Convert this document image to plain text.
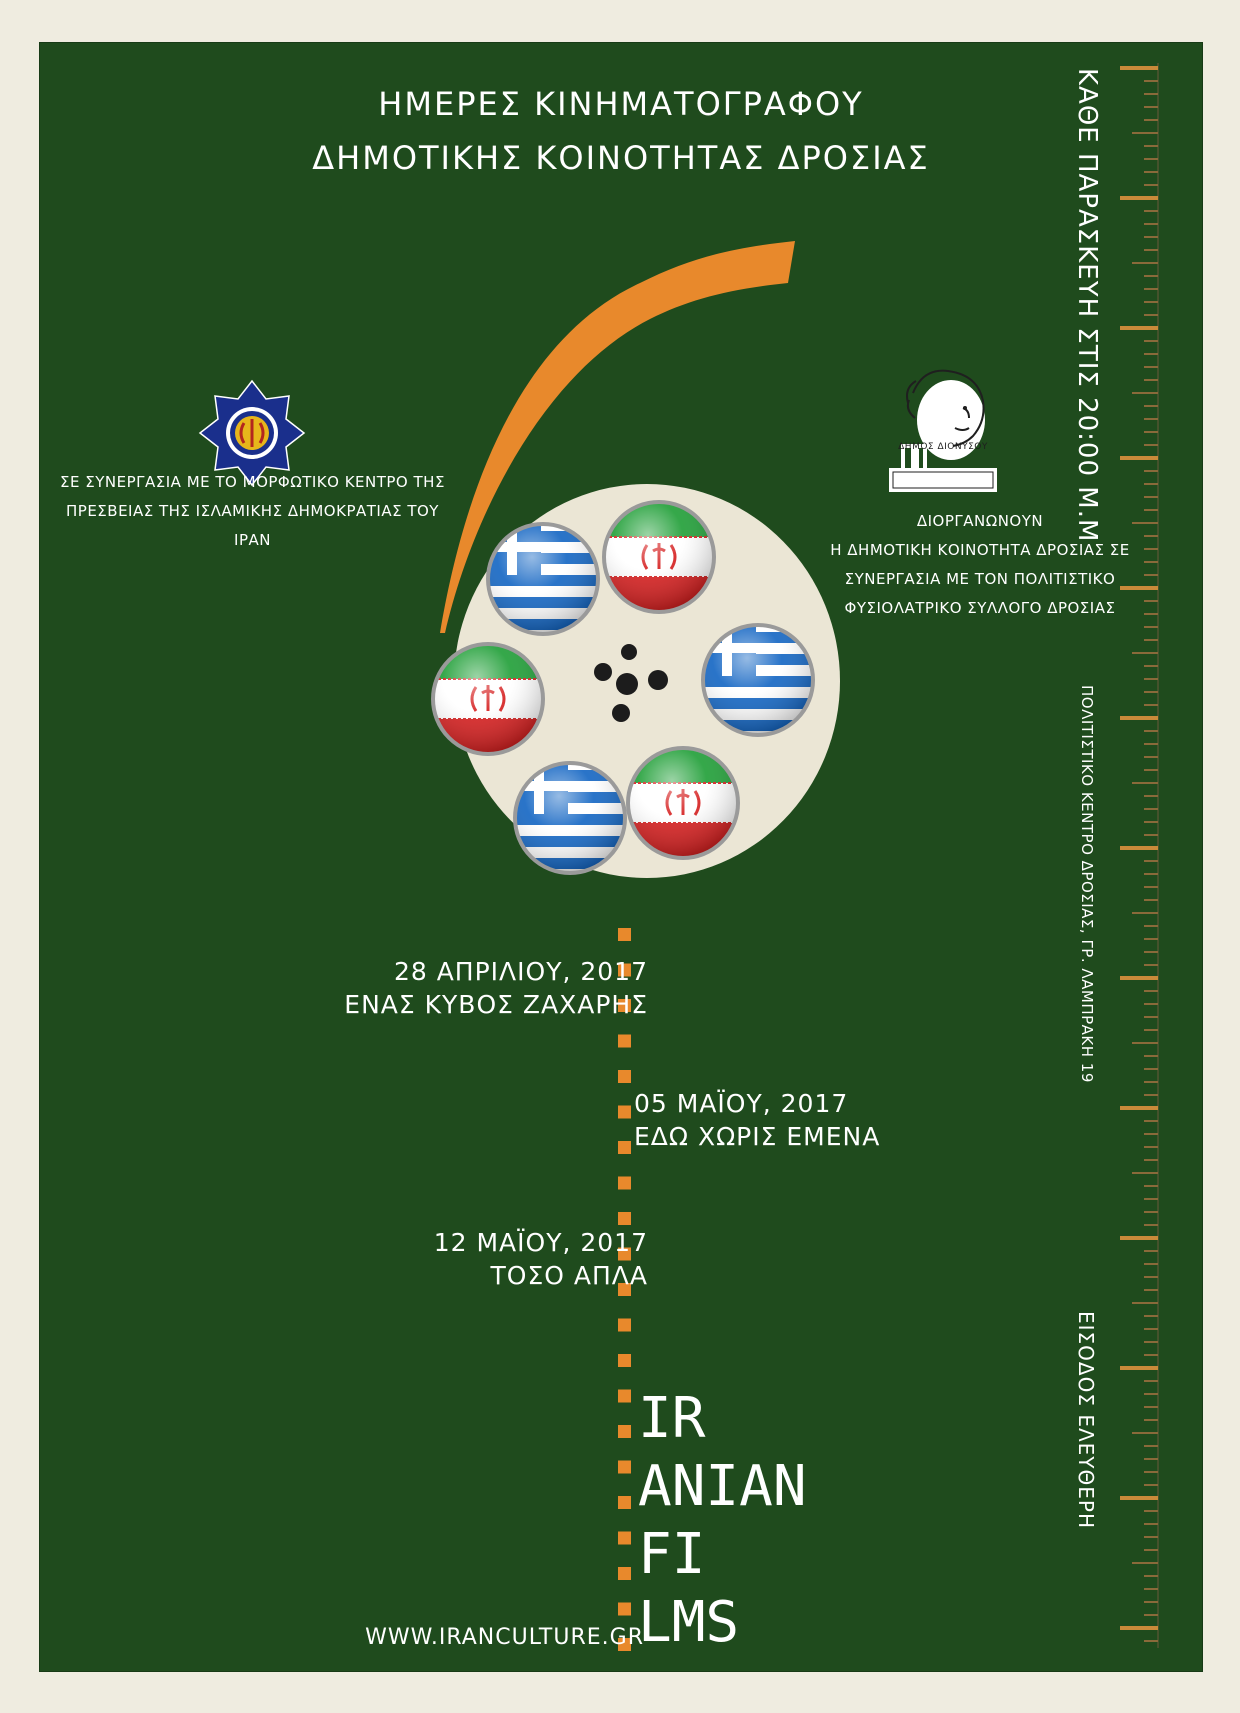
ΗΜΕΡΕΣ ΚΙΝΗΜΑΤΟΓΡΑΦΟΥ
ΔΗΜΟΤΙΚΗΣ ΚΟΙΝΟΤΗΤΑΣ ΔΡΟΣΙΑΣ
ΣΕ ΣΥΝΕΡΓΑΣΙΑ ΜΕ ΤΟ ΜΟΡΦΩΤΙΚΟ ΚΕΝΤΡΟ ΤΗΣ
ΠΡΕΣΒΕΙΑΣ ΤΗΣ ΙΣΛΑΜΙΚΗΣ ΔΗΜΟΚΡΑΤΙΑΣ ΤΟΥ
ΙΡΑΝ
ΔΗΜΟΣ ΔΙΟΝΥΣΟΥ
ΔΙΟΡΓΑΝΩΝΟΥΝ
Η ΔΗΜΟΤΙΚΗ ΚΟΙΝΟΤΗΤΑ ΔΡΟΣΙΑΣ ΣΕ
ΣΥΝΕΡΓΑΣΙΑ ΜΕ ΤΟΝ ΠΟΛΙΤΙΣΤΙΚΟ
ΦΥΣΙΟΛΑΤΡΙΚΟ ΣΥΛΛΟΓΟ ΔΡΟΣΙΑΣ
ΚΑΘΕ ΠΑΡΑΣΚΕΥΗ ΣΤΙΣ 20:00 Μ.Μ
ΠΟΛΙΤΙΣΤΙΚΟ ΚΕΝΤΡΟ ΔΡΟΣΙΑΣ, ΓΡ. ΛΑΜΠΡΑΚΗ 19
ΕΙΣΟΔΟΣ ΕΛΕΥΘΕΡΗ
28 ΑΠΡΙΛΙΟΥ, 2017
ΕΝΑΣ ΚΥΒΟΣ ΖΑΧΑΡΗΣ
05 ΜΑΪΟΥ, 2017
ΕΔΩ ΧΩΡΙΣ ΕΜΕΝΑ
12 ΜΑΪΟΥ, 2017
ΤΟΣΟ ΑΠΛΑ
IR
ANIAN
FI
LMS
WWW.IRANCULTURE.GR
